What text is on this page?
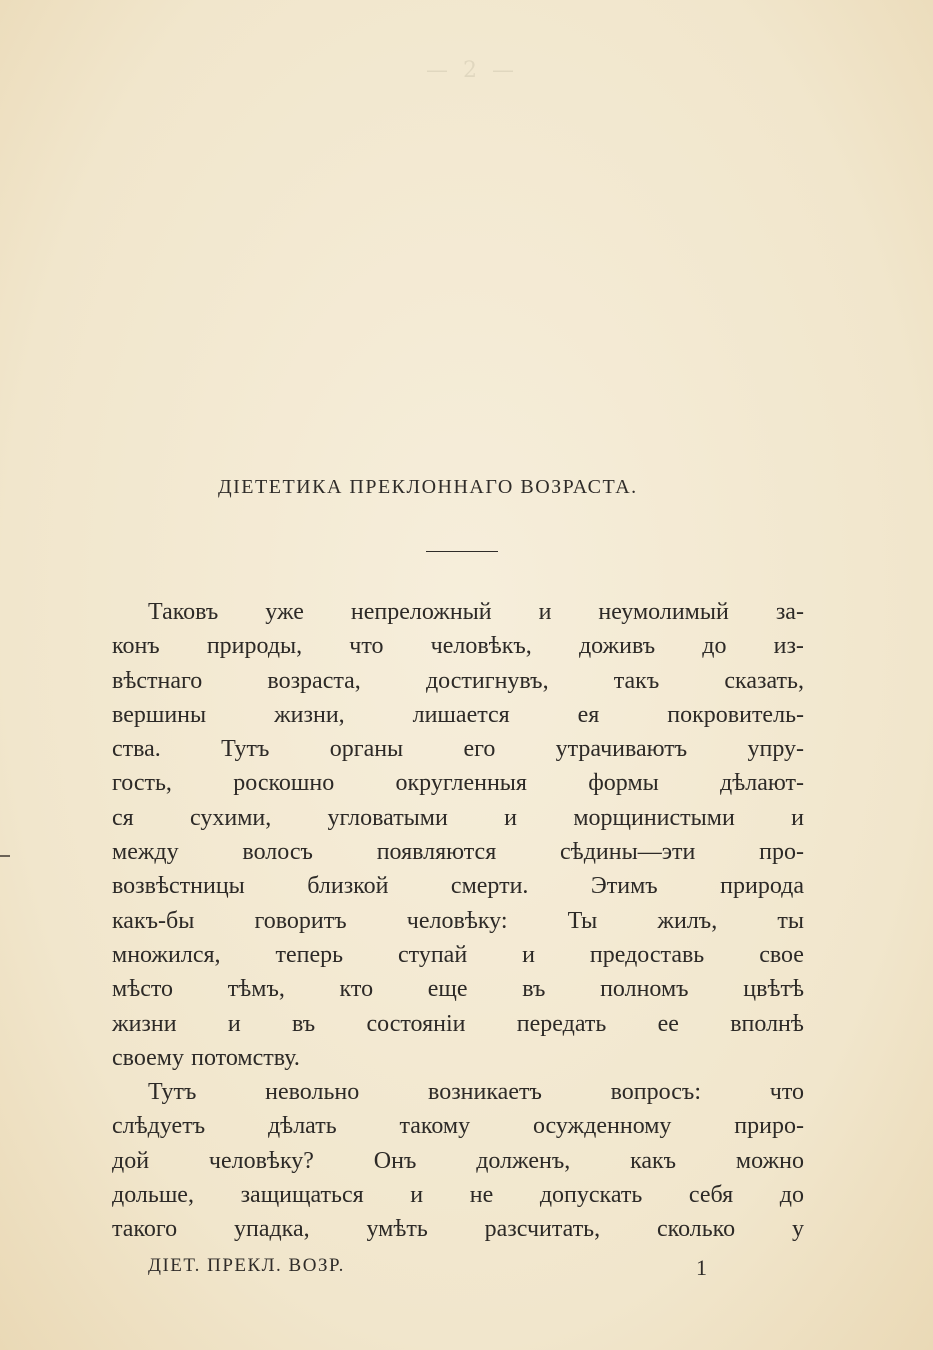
— 2 —
ДІЕТЕТИКА ПРЕКЛОННАГО ВОЗРАСТА.
Таковъ уже непреложный и неумолимый за-
конъ природы, что человѣкъ, доживъ до из-
вѣстнаго	возраста,	достигнувъ,	такъ	сказать,
вершины	жизни,	лишается	ея	покровитель-
ства.	Тутъ	органы	его	утрачиваютъ	упру-
гость,	роскошно	округленныя	формы	дѣлают-
ся сухими, угловатыми и морщинистыми и
между	волосъ	появляются	сѣдины—эти	про-
возвѣстницы	близкой	смерти.	Этимъ	природа
какъ-бы	говоритъ	человѣку:	Ты	жилъ,	ты
множился, теперь ступай и предоставь свое
мѣсто тѣмъ, кто еще въ полномъ цвѣтѣ
жизни и въ состояніи передать ее вполнѣ
своему потомству.
Тутъ	невольно	возникаетъ	вопросъ:	что
слѣдуетъ	дѣлать	такому	осужденному	приро-
дой человѣку? Онъ долженъ, какъ можно
дольше, защищаться и не допускать себя до
такого упадка, умѣть разсчитать, сколько у
ДІЕТ. ПРЕКЛ. ВОЗР.	1
